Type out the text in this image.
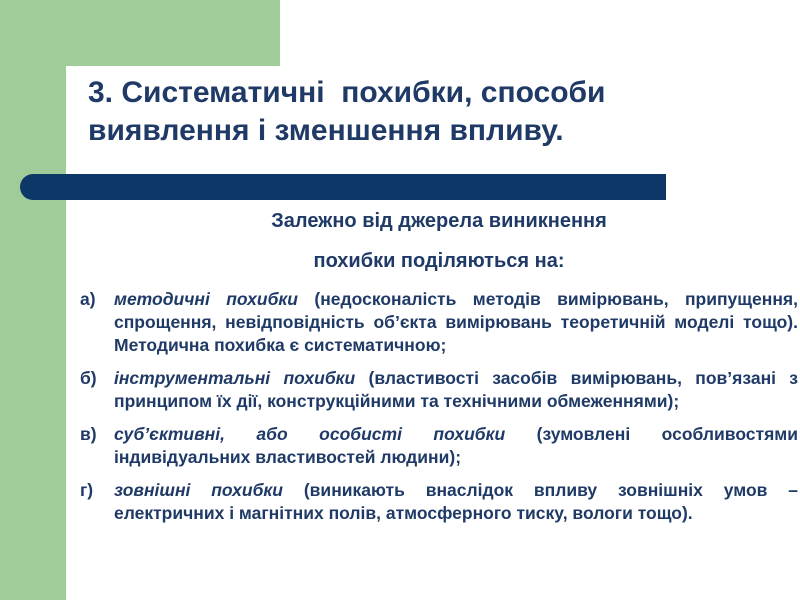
3. Систематичні  похибки, способи виявлення і зменшення впливу.

Залежно від джерела виникнення
похибки поділяються на:

а) методичні похибки (недосконалість методів вимірювань, припущення, спрощення, невідповідність об’єкта вимірювань теоретичній моделі тощо). Методична похибка є систематичною;
б) інструментальні похибки (властивості засобів вимірювань, пов’язані з принципом їх дії, конструкційними та технічними обмеженнями);
в) суб’єктивні, або особисті похибки (зумовлені особливостями індивідуальних властивостей людини);
г) зовнішні похибки (виникають внаслідок впливу зовнішніх умов – електричних і магнітних полів, атмосферного тиску, вологи тощо).
